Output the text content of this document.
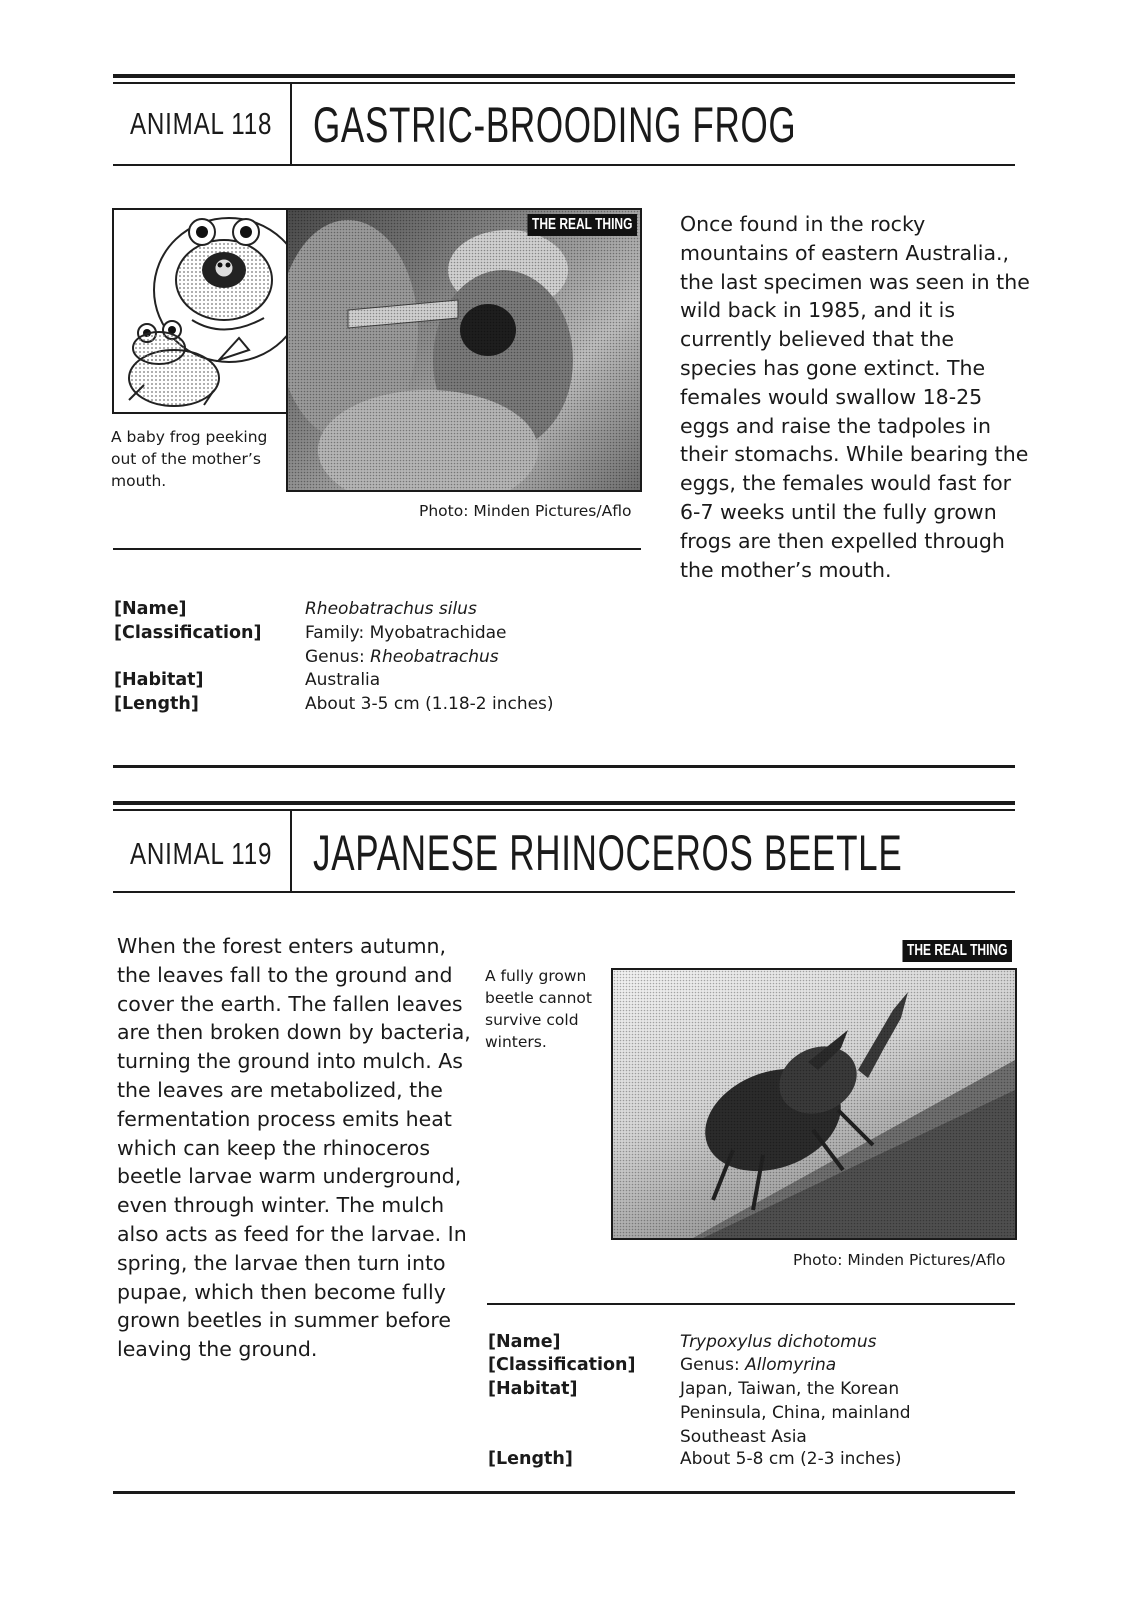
ANIMAL 118 GASTRIC-BROODING FROG
A baby frog peeking out of the mother’s mouth.
THE REAL THING
Photo: Minden Pictures/Aflo
Once found in the rocky mountains of eastern Australia., the last specimen was seen in the wild back in 1985, and it is currently believed that the species has gone extinct. The females would swallow 18-25 eggs and raise the tadpoles in their stomachs. While bearing the eggs, the females would fast for 6-7 weeks until the fully grown frogs are then expelled through the mother’s mouth.
[Name]
[Classification]
[Habitat]
[Length]
Rheobatrachus silus
Family: Myobatrachidae
Genus: Rheobatrachus
Australia
About 3-5 cm (1.18-2 inches)
ANIMAL 119 JAPANESE RHINOCEROS BEETLE
When the forest enters autumn, the leaves fall to the ground and cover the earth. The fallen leaves are then broken down by bacteria, turning the ground into mulch. As the leaves are metabolized, the fermentation process emits heat which can keep the rhinoceros beetle larvae warm underground, even through winter. The mulch also acts as feed for the larvae. In spring, the larvae then turn into pupae, which then become fully grown beetles in summer before leaving the ground.
A fully grown beetle cannot survive cold winters.
THE REAL THING
Photo: Minden Pictures/Aflo
[Name]
[Classification]
[Habitat]
[Length]
Trypoxylus dichotomus
Genus: Allomyrina
Japan, Taiwan, the Korean Peninsula, China, mainland Southeast Asia
About 5-8 cm (2-3 inches)
